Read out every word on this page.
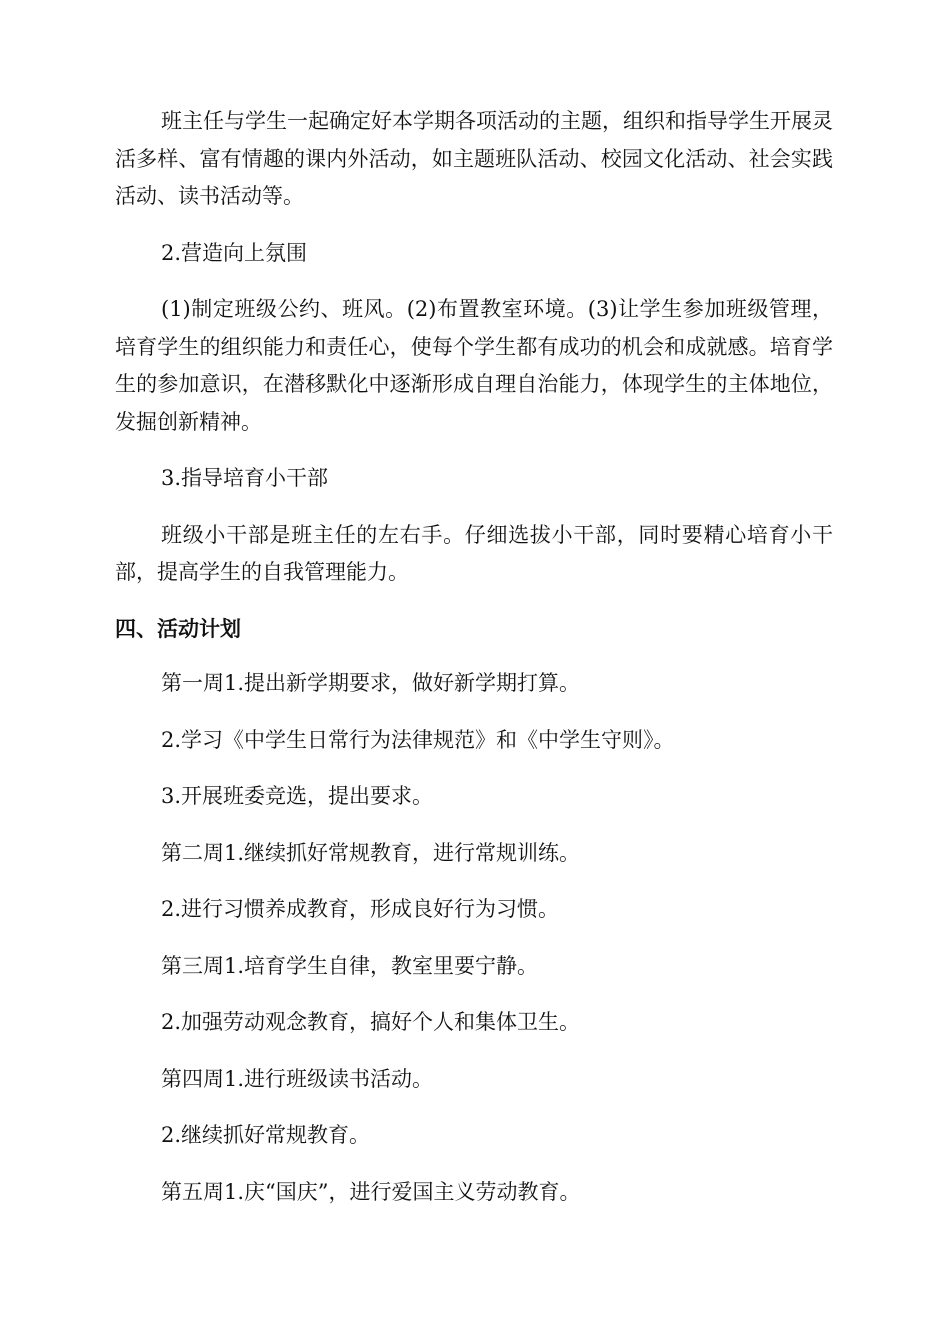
班主任与学生一起确定好本学期各项活动的主题，组织和指导学生开展灵活多样、富有情趣的课内外活动，如主题班队活动、校园文化活动、社会实践活动、读书活动等。

2.营造向上氛围

(1)制定班级公约、班风。(2)布置教室环境。(3)让学生参加班级管理，培育学生的组织能力和责任心，使每个学生都有成功的机会和成就感。培育学生的参加意识，在潜移默化中逐渐形成自理自治能力，体现学生的主体地位，发掘创新精神。

3.指导培育小干部

班级小干部是班主任的左右手。仔细选拔小干部，同时要精心培育小干部，提高学生的自我管理能力。

四、活动计划

第一周1.提出新学期要求，做好新学期打算。

2.学习《中学生日常行为法律规范》和《中学生守则》。

3.开展班委竞选，提出要求。

第二周1.继续抓好常规教育，进行常规训练。

2.进行习惯养成教育，形成良好行为习惯。

第三周1.培育学生自律，教室里要宁静。

2.加强劳动观念教育，搞好个人和集体卫生。

第四周1.进行班级读书活动。

2.继续抓好常规教育。

第五周1.庆“国庆”，进行爱国主义劳动教育。
